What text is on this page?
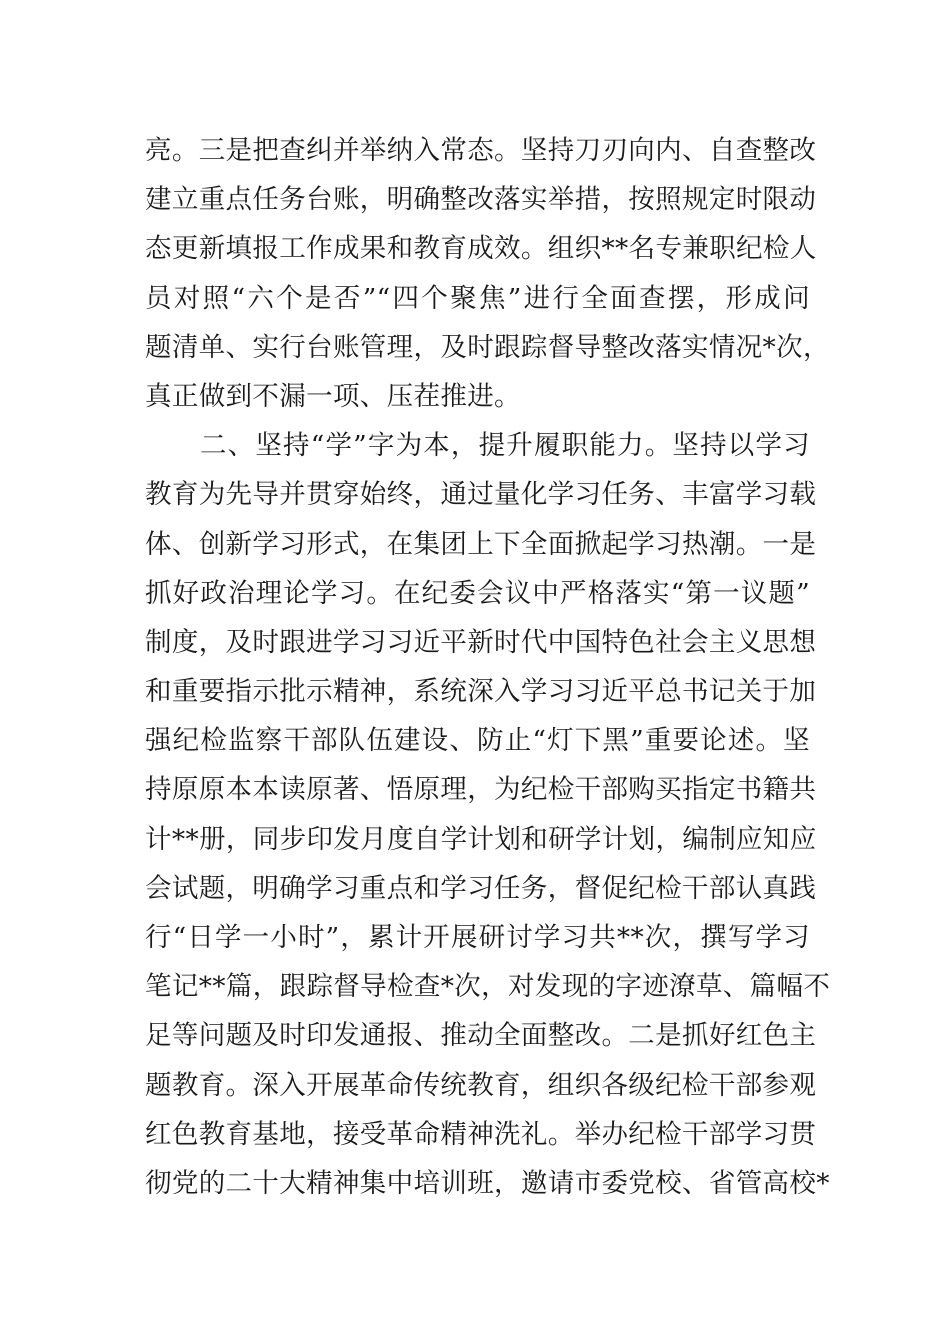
亮。三是把查纠并举纳入常态。坚持刀刃向内、自查整改
建立重点任务台账，明确整改落实举措，按照规定时限动
态更新填报工作成果和教育成效。组织**名专兼职纪检人
员对照“六个是否”“四个聚焦”进行全面查摆，形成问
题清单、实行台账管理，及时跟踪督导整改落实情况*次，
真正做到不漏一项、压茬推进。
二、坚持“学”字为本，提升履职能力。坚持以学习
教育为先导并贯穿始终，通过量化学习任务、丰富学习载
体、创新学习形式，在集团上下全面掀起学习热潮。一是
抓好政治理论学习。在纪委会议中严格落实“第一议题”
制度，及时跟进学习习近平新时代中国特色社会主义思想
和重要指示批示精神，系统深入学习习近平总书记关于加
强纪检监察干部队伍建设、防止“灯下黑”重要论述。坚
持原原本本读原著、悟原理，为纪检干部购买指定书籍共
计**册，同步印发月度自学计划和研学计划，编制应知应
会试题，明确学习重点和学习任务，督促纪检干部认真践
行“日学一小时”，累计开展研讨学习共**次，撰写学习
笔记**篇，跟踪督导检查*次，对发现的字迹潦草、篇幅不
足等问题及时印发通报、推动全面整改。二是抓好红色主
题教育。深入开展革命传统教育，组织各级纪检干部参观
红色教育基地，接受革命精神洗礼。举办纪检干部学习贯
彻党的二十大精神集中培训班，邀请市委党校、省管高校*
